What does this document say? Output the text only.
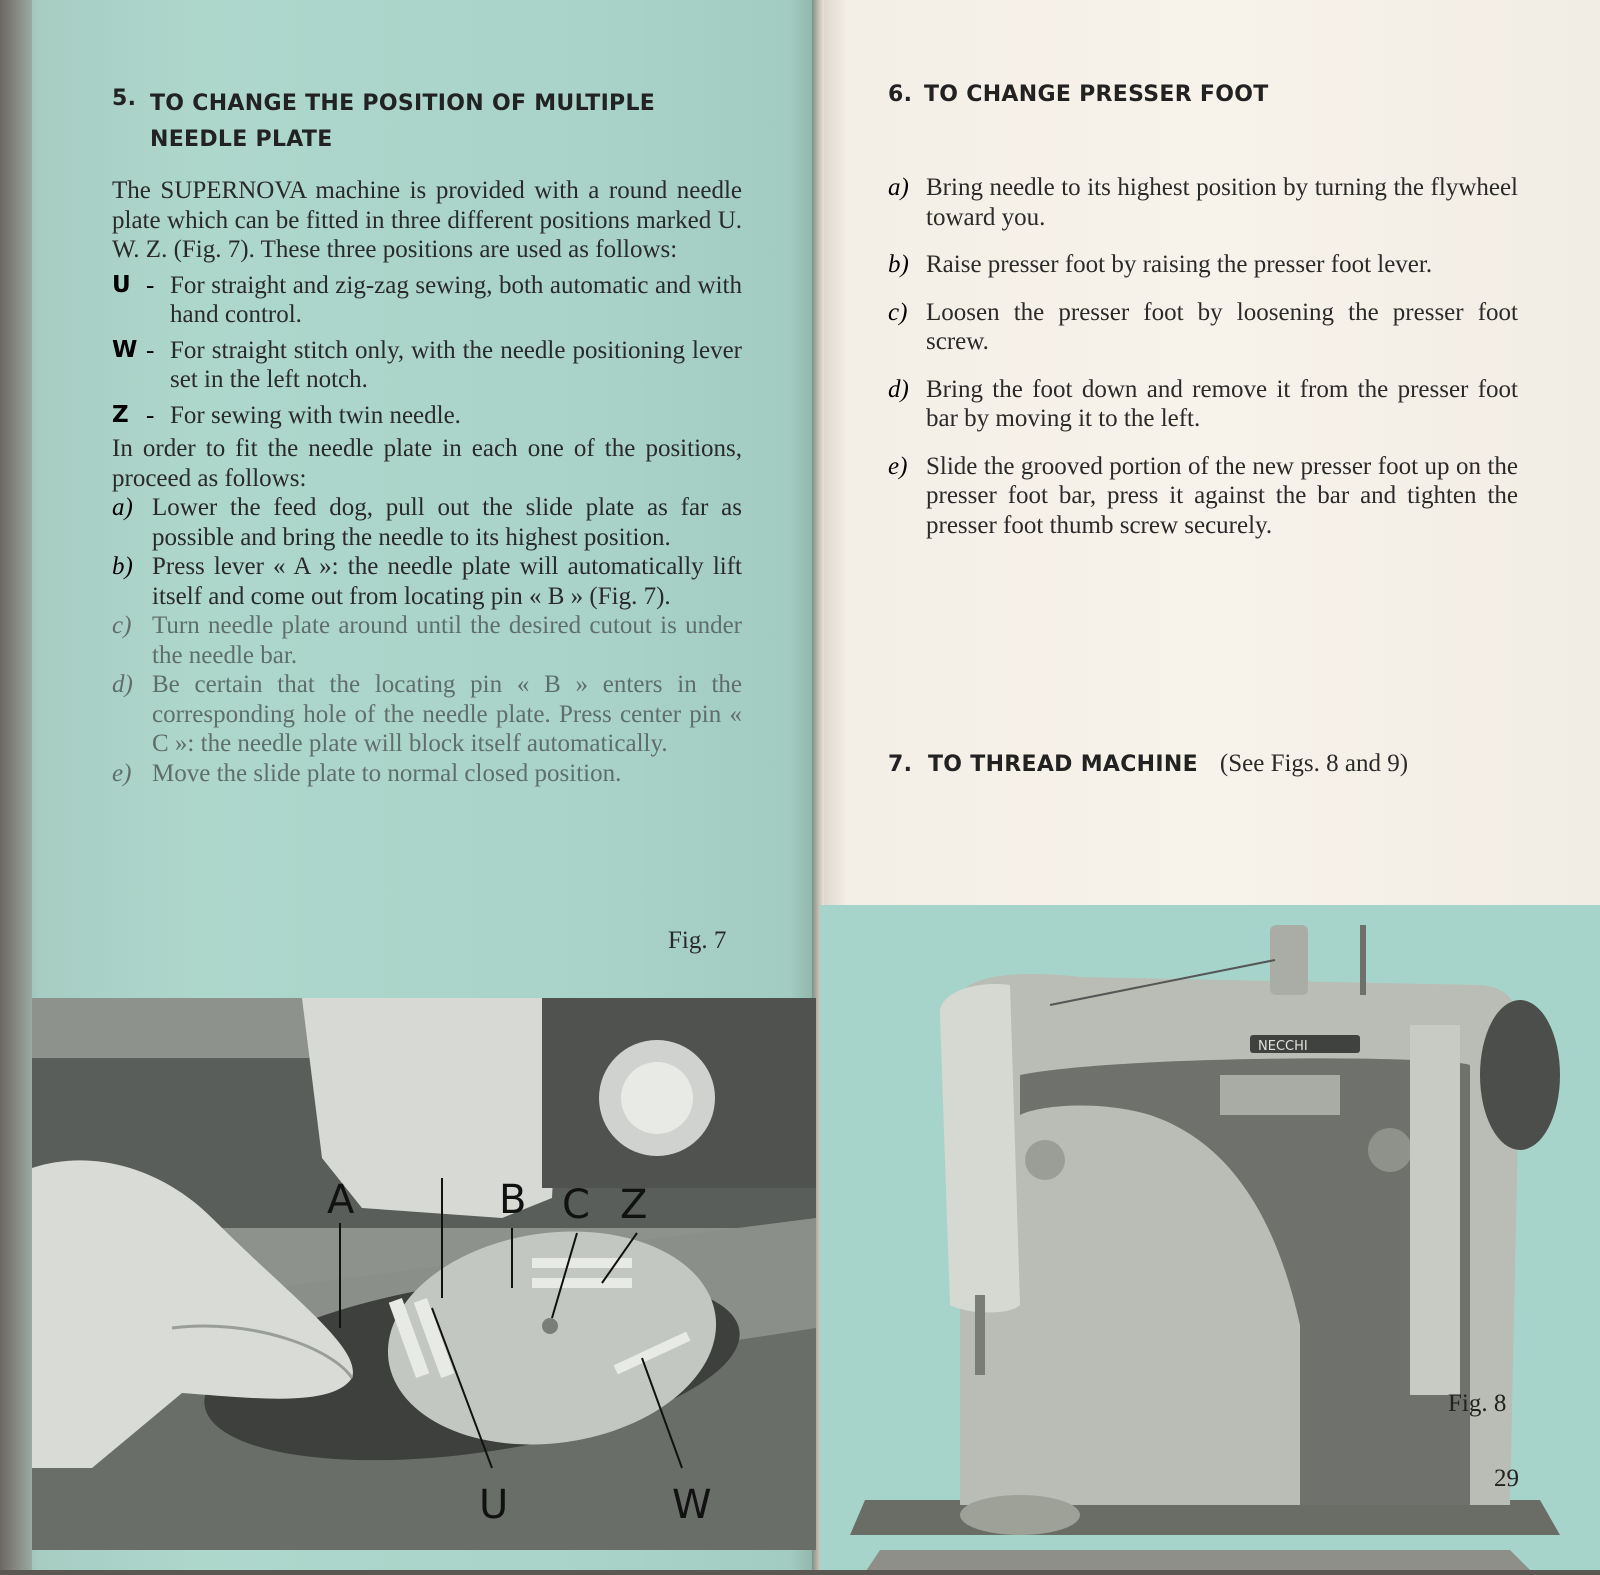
5. TO CHANGE THE POSITION OF MULTIPLE
NEEDLE PLATE

The SUPERNOVA machine is provided with a round needle plate which can be fitted in three different positions marked U. W. Z. (Fig. 7). These three positions are used as follows:

U - For straight and zig-zag sewing, both automatic and with hand control.

W - For straight stitch only, with the needle positioning lever set in the left notch.

Z - For sewing with twin needle.

In order to fit the needle plate in each one of the positions, proceed as follows:

a) Lower the feed dog, pull out the slide plate as far as possible and bring the needle to its highest position.

b) Press lever « A »: the needle plate will automatically lift itself and come out from locating pin « B » (Fig. 7).

c) Turn needle plate around until the desired cutout is under the needle bar.

d) Be certain that the locating pin « B » enters in the corresponding hole of the needle plate. Press center pin « C »: the needle plate will block itself automatically.

e) Move the slide plate to normal closed position.

Fig. 7
A	B C Z
U	W
6. TO CHANGE PRESSER FOOT
a) Bring needle to its highest position by turning the flywheel toward you.

b) Raise presser foot by raising the presser foot lever.

c) Loosen the presser foot by loosening the presser foot screw.

d) Bring the foot down and remove it from the presser foot bar by moving it to the left.

e) Slide the grooved portion of the new presser foot up on the presser foot bar, press it against the bar and tighten the presser foot thumb screw securely.

7. TO THREAD MACHINE (See Figs. 8 and 9)
NECCHI
Fig. 8
29
